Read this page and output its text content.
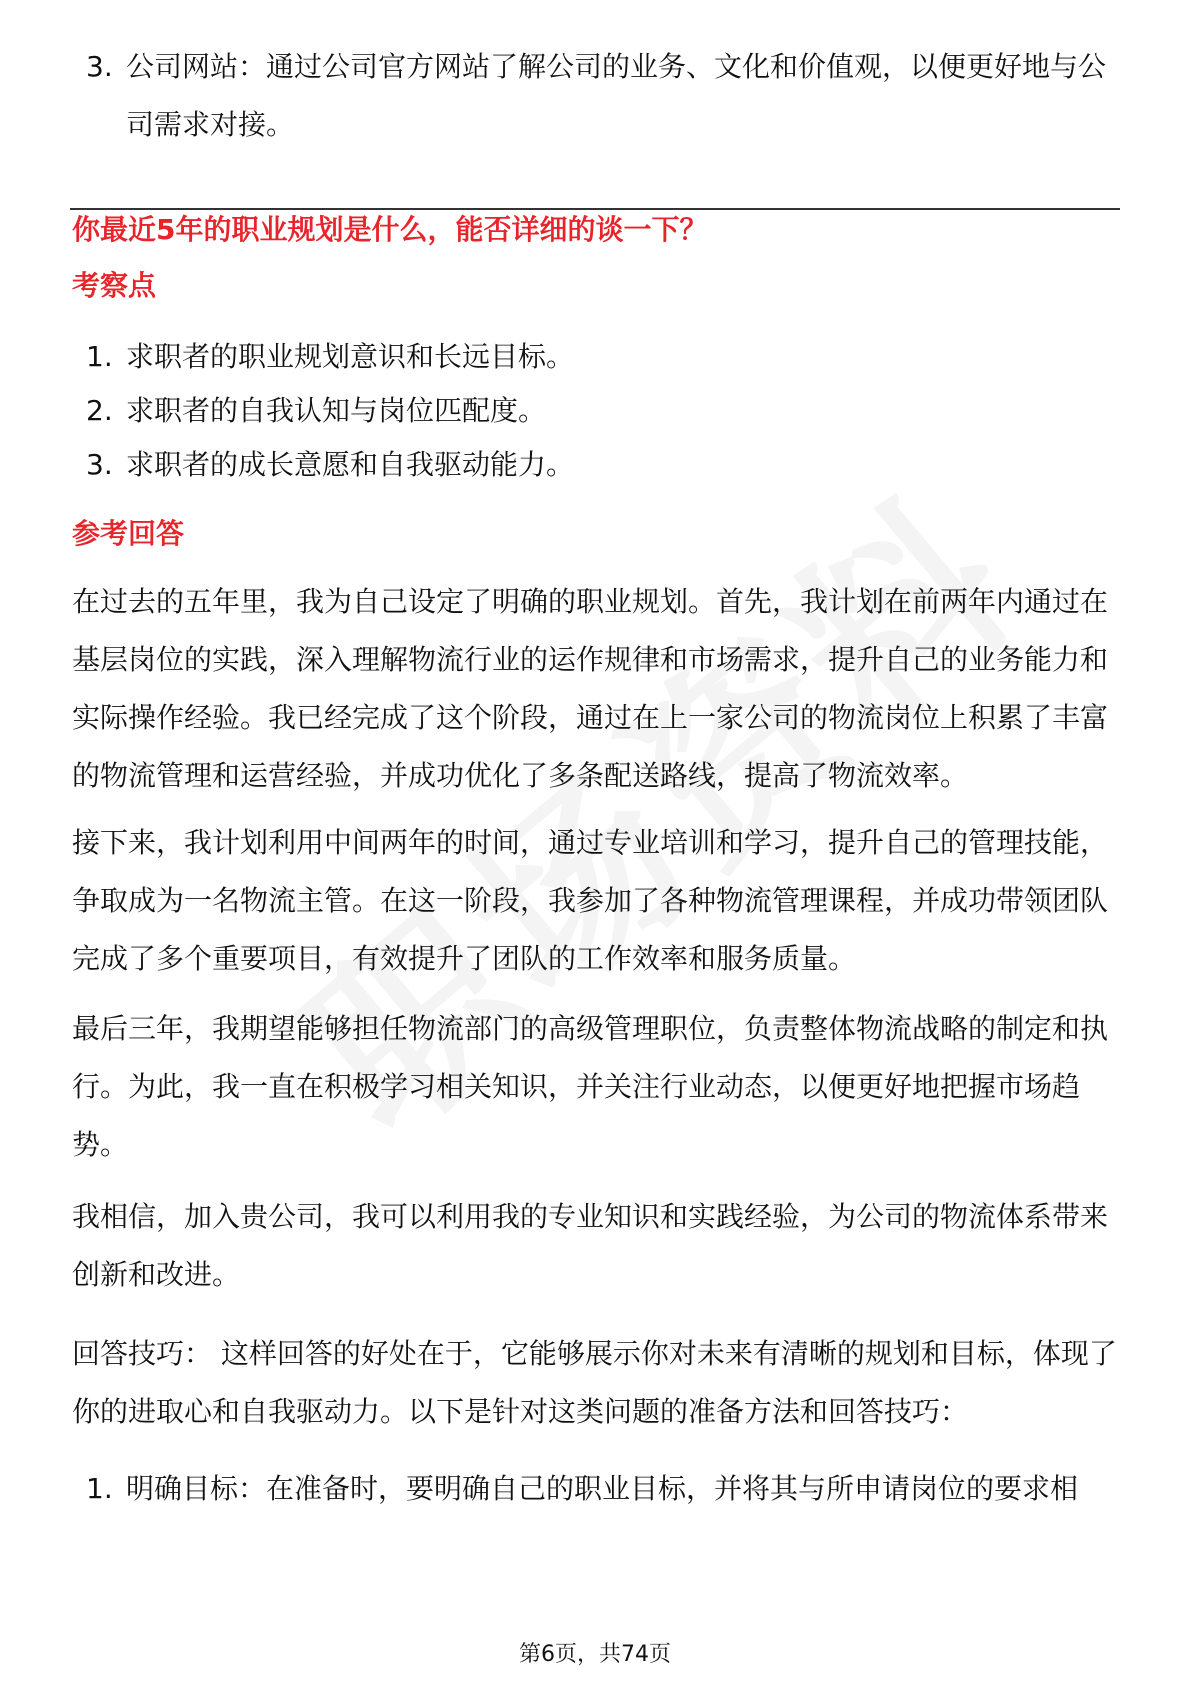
3. 公司网站：通过公司官方网站了解公司的业务、文化和价值观，以便更好地与公司需求对接。
你最近5年的职业规划是什么，能否详细的谈一下？
考察点
1. 求职者的职业规划意识和长远目标。
2. 求职者的自我认知与岗位匹配度。
3. 求职者的成长意愿和自我驱动能力。
参考回答
在过去的五年里，我为自己设定了明确的职业规划。首先，我计划在前两年内通过在基层岗位的实践，深入理解物流行业的运作规律和市场需求，提升自己的业务能力和实际操作经验。我已经完成了这个阶段，通过在上一家公司的物流岗位上积累了丰富的物流管理和运营经验，并成功优化了多条配送路线，提高了物流效率。
接下来，我计划利用中间两年的时间，通过专业培训和学习，提升自己的管理技能，争取成为一名物流主管。在这一阶段，我参加了各种物流管理课程，并成功带领团队完成了多个重要项目，有效提升了团队的工作效率和服务质量。
最后三年，我期望能够担任物流部门的高级管理职位，负责整体物流战略的制定和执行。为此，我一直在积极学习相关知识，并关注行业动态，以便更好地把握市场趋势。
我相信，加入贵公司，我可以利用我的专业知识和实践经验，为公司的物流体系带来创新和改进。
回答技巧： 这样回答的好处在于，它能够展示你对未来有清晰的规划和目标，体现了你的进取心和自我驱动力。以下是针对这类问题的准备方法和回答技巧：
1. 明确目标：在准备时，要明确自己的职业目标，并将其与所申请岗位的要求相
第6页，共74页
